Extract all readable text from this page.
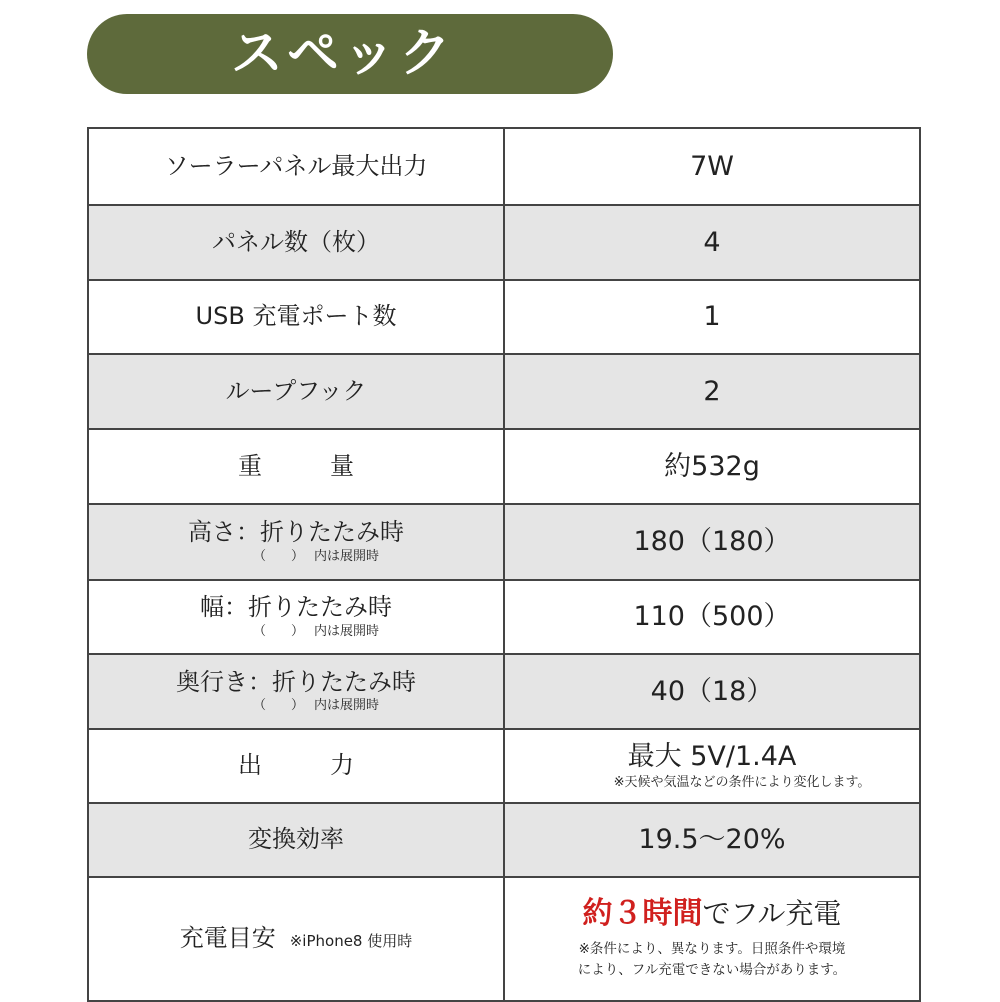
スペック
ソーラーパネル最大出力	7W
パネル数（枚）	4
USB 充電ポート数	1
ループフック	2
重　量	約532g
高さ：折りたたみ時
（　） 内は展開時	180（180）
幅：折りたたみ時
（　） 内は展開時	110（500）
奥行き：折りたたみ時
（　） 内は展開時	40（18）
出　力	最大 5V/1.4A
※天候や気温などの条件により変化します。

変換効率	19.5～20%
充電目安 ※iPhone8 使用時	約３時間でフル充電
※条件により、異なります。日照条件や環境
により、フル充電できない場合があります。
